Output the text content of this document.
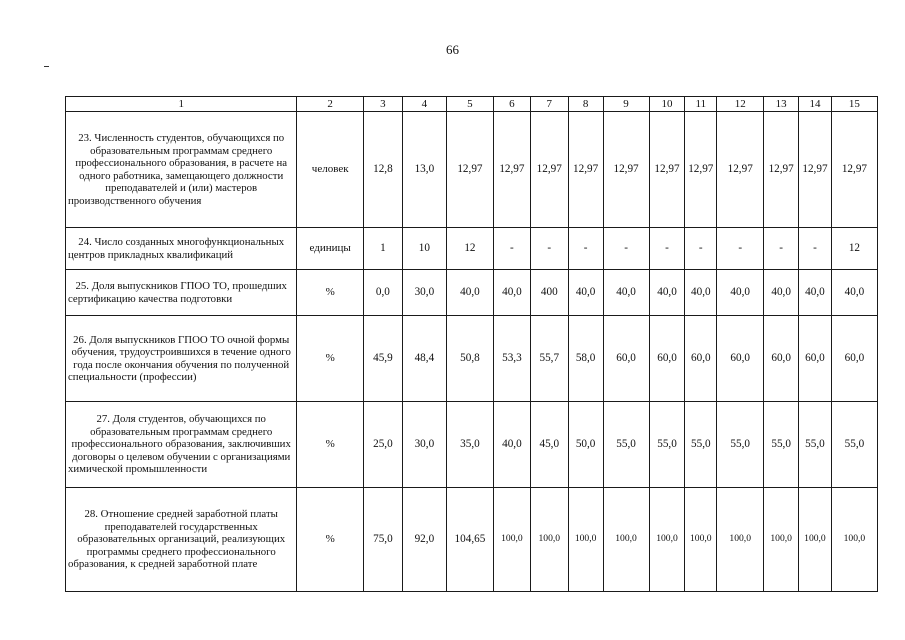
66
1	2	3	4	5	6	7	8	9	10	11	12	13	14	15
23. Численность студентов, обучающихся по образовательным программам среднего профессионального образования, в расчете на одного работника, замещающего должности преподавателей и (или) мастеров производственного обучения	человек	12,8	13,0	12,97	12,97	12,97	12,97	12,97	12,97	12,97	12,97	12,97	12,97	12,97
24. Число созданных многофункциональных центров прикладных квалификаций	единицы	1	10	12	-	-	-	-	-	-	-	-	-	12
25. Доля выпускников ГПОО ТО, прошедших сертификацию качества подготовки	%	0,0	30,0	40,0	40,0	400	40,0	40,0	40,0	40,0	40,0	40,0	40,0	40,0
26. Доля выпускников ГПОО ТО очной формы обучения, трудоустроившихся в течение одного года после окончания обучения по полученной специальности (профессии)	%	45,9	48,4	50,8	53,3	55,7	58,0	60,0	60,0	60,0	60,0	60,0	60,0	60,0
27. Доля студентов, обучающихся по образовательным программам среднего профессионального образования, заключивших договоры о целевом обучении с организациями химической промышленности	%	25,0	30,0	35,0	40,0	45,0	50,0	55,0	55,0	55,0	55,0	55,0	55,0	55,0
28. Отношение средней заработной платы преподавателей государственных образовательных организаций, реализующих программы среднего профессионального образования, к средней заработной плате	%	75,0	92,0	104,65	100,0	100,0	100,0	100,0	100,0	100,0	100,0	100,0	100,0	100,0
